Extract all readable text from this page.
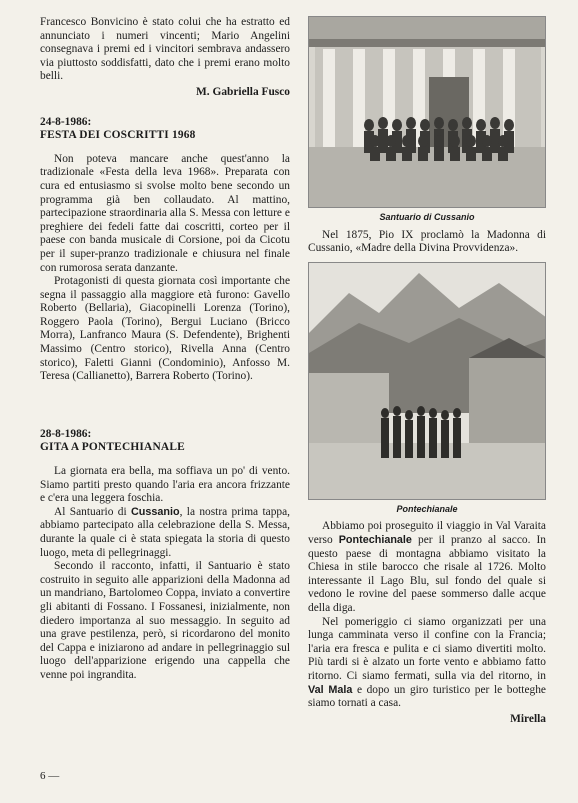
Francesco Bonvicino è stato colui che ha estratto ed annunciato i numeri vincenti; Mario Angelini consegnava i premi ed i vincitori sembrava andassero via piuttosto soddisfatti, dato che i premi erano molto belli.

M. Gabriella Fusco
24-8-1986:
FESTA DEI COSCRITTI 1968

Non poteva mancare anche quest'anno la tradizionale «Festa della leva 1968». Preparata con cura ed entusiasmo si svolse molto bene secondo un programma già ben collaudato. Al mattino, partecipazione straordinaria alla S. Messa con letture e preghiere dei fedeli fatte dai coscritti, corteo per il paese con banda musicale di Corsione, poi da Cicotu per il super-pranzo tradizionale e chiusura nel finale con rumorosa serata danzante.

Protagonisti di questa giornata così importante che segna il passaggio alla maggiore età furono: Gavello Roberto (Bellaria), Giacopinelli Lorenza (Torino), Roggero Paola (Torino), Bergui Luciano (Bricco Morra), Lanfranco Maura (S. Defendente), Brighenti Massimo (Centro storico), Rivella Anna (Centro storico), Faletti Gianni (Condominio), Anfosso M. Teresa (Callianetto), Barrera Roberto (Torino).

28-8-1986:
GITA A PONTECHIANALE

La giornata era bella, ma soffiava un po' di vento. Siamo partiti presto quando l'aria era ancora frizzante e c'era una leggera foschia.

Al Santuario di Cussanio, la nostra prima tappa, abbiamo partecipato alla celebrazione della S. Messa, durante la quale ci è stata spiegata la storia di questo luogo, meta di pellegrinaggi.

Secondo il racconto, infatti, il Santuario è stato costruito in seguito alle apparizioni della Madonna ad un mandriano, Bartolomeo Coppa, inviato a convertire gli abitanti di Fossano. I Fossanesi, inizialmente, non diedero importanza al suo messaggio. In seguito ad una grave pestilenza, però, si ricordarono del monito del Cappa e iniziarono ad andare in pellegrinaggio sul luogo dell'apparizione erigendo una cappella che venne poi ingrandita.

Santuario di Cussanio

Nel 1875, Pio IX proclamò la Madonna di Cussanio, «Madre della Divina Provvidenza».

Pontechianale

Abbiamo poi proseguito il viaggio in Val Varaita verso Pontechianale per il pranzo al sacco. In questo paese di montagna abbiamo visitato la Chiesa in stile barocco che risale al 1726. Molto interessante il Lago Blu, sul fondo del quale si vedono le rovine del paese sommerso dalle acque della diga.

Nel pomeriggio ci siamo organizzati per una lunga camminata verso il confine con la Francia; l'aria era fresca e pulita e ci siamo divertiti molto. Più tardi si è alzato un forte vento e abbiamo fatto ritorno. Ci siamo fermati, sulla via del ritorno, in Val Mala e dopo un giro turistico per le botteghe siamo tornati a casa.

Mirella
6 —
